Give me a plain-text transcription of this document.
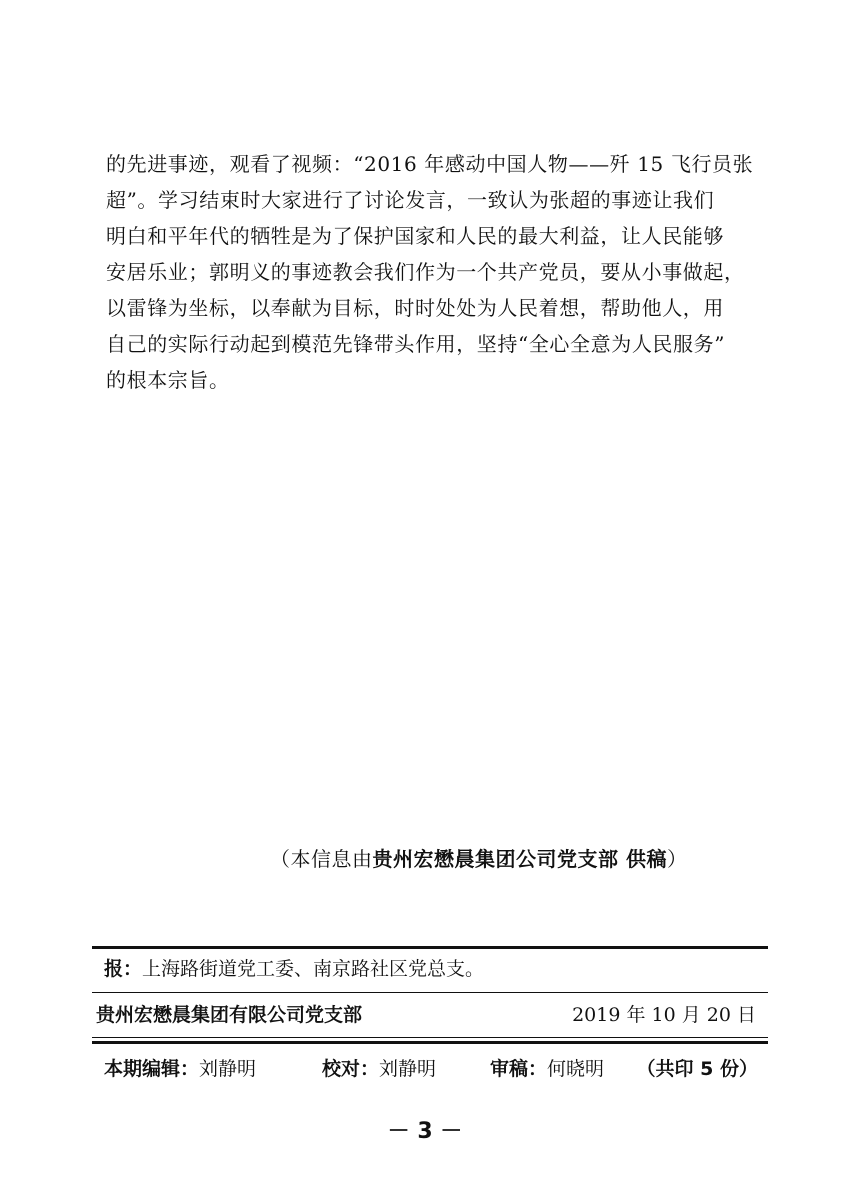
的先进事迹，观看了视频：“2016 年感动中国人物——歼 15 飞行员张
超”。学习结束时大家进行了讨论发言，一致认为张超的事迹让我们
明白和平年代的牺牲是为了保护国家和人民的最大利益，让人民能够
安居乐业；郭明义的事迹教会我们作为一个共产党员，要从小事做起，
以雷锋为坐标，以奉献为目标，时时处处为人民着想，帮助他人，用
自己的实际行动起到模范先锋带头作用，坚持“全心全意为人民服务”
的根本宗旨。
（本信息由贵州宏懋晨集团公司党支部 供稿）
报：上海路街道党工委、南京路社区党总支。
贵州宏懋晨集团有限公司党支部	2019 年 10 月 20 日
本期编辑：刘静明	校对：刘静明	审稿：何晓明 （共印 5 份）
－ 3 －
